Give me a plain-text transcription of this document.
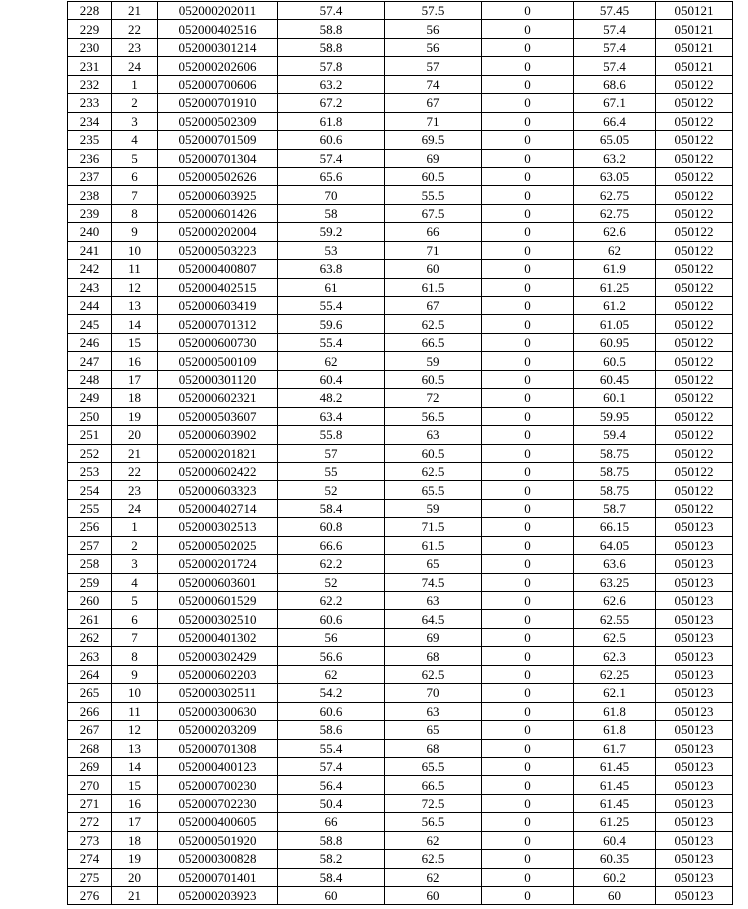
228	21	052000202011	57.4	57.5	0	57.45	050121
229	22	052000402516	58.8	56	0	57.4	050121
230	23	052000301214	58.8	56	0	57.4	050121
231	24	052000202606	57.8	57	0	57.4	050121
232	1	052000700606	63.2	74	0	68.6	050122
233	2	052000701910	67.2	67	0	67.1	050122
234	3	052000502309	61.8	71	0	66.4	050122
235	4	052000701509	60.6	69.5	0	65.05	050122
236	5	052000701304	57.4	69	0	63.2	050122
237	6	052000502626	65.6	60.5	0	63.05	050122
238	7	052000603925	70	55.5	0	62.75	050122
239	8	052000601426	58	67.5	0	62.75	050122
240	9	052000202004	59.2	66	0	62.6	050122
241	10	052000503223	53	71	0	62	050122
242	11	052000400807	63.8	60	0	61.9	050122
243	12	052000402515	61	61.5	0	61.25	050122
244	13	052000603419	55.4	67	0	61.2	050122
245	14	052000701312	59.6	62.5	0	61.05	050122
246	15	052000600730	55.4	66.5	0	60.95	050122
247	16	052000500109	62	59	0	60.5	050122
248	17	052000301120	60.4	60.5	0	60.45	050122
249	18	052000602321	48.2	72	0	60.1	050122
250	19	052000503607	63.4	56.5	0	59.95	050122
251	20	052000603902	55.8	63	0	59.4	050122
252	21	052000201821	57	60.5	0	58.75	050122
253	22	052000602422	55	62.5	0	58.75	050122
254	23	052000603323	52	65.5	0	58.75	050122
255	24	052000402714	58.4	59	0	58.7	050122
256	1	052000302513	60.8	71.5	0	66.15	050123
257	2	052000502025	66.6	61.5	0	64.05	050123
258	3	052000201724	62.2	65	0	63.6	050123
259	4	052000603601	52	74.5	0	63.25	050123
260	5	052000601529	62.2	63	0	62.6	050123
261	6	052000302510	60.6	64.5	0	62.55	050123
262	7	052000401302	56	69	0	62.5	050123
263	8	052000302429	56.6	68	0	62.3	050123
264	9	052000602203	62	62.5	0	62.25	050123
265	10	052000302511	54.2	70	0	62.1	050123
266	11	052000300630	60.6	63	0	61.8	050123
267	12	052000203209	58.6	65	0	61.8	050123
268	13	052000701308	55.4	68	0	61.7	050123
269	14	052000400123	57.4	65.5	0	61.45	050123
270	15	052000700230	56.4	66.5	0	61.45	050123
271	16	052000702230	50.4	72.5	0	61.45	050123
272	17	052000400605	66	56.5	0	61.25	050123
273	18	052000501920	58.8	62	0	60.4	050123
274	19	052000300828	58.2	62.5	0	60.35	050123
275	20	052000701401	58.4	62	0	60.2	050123
276	21	052000203923	60	60	0	60	050123
